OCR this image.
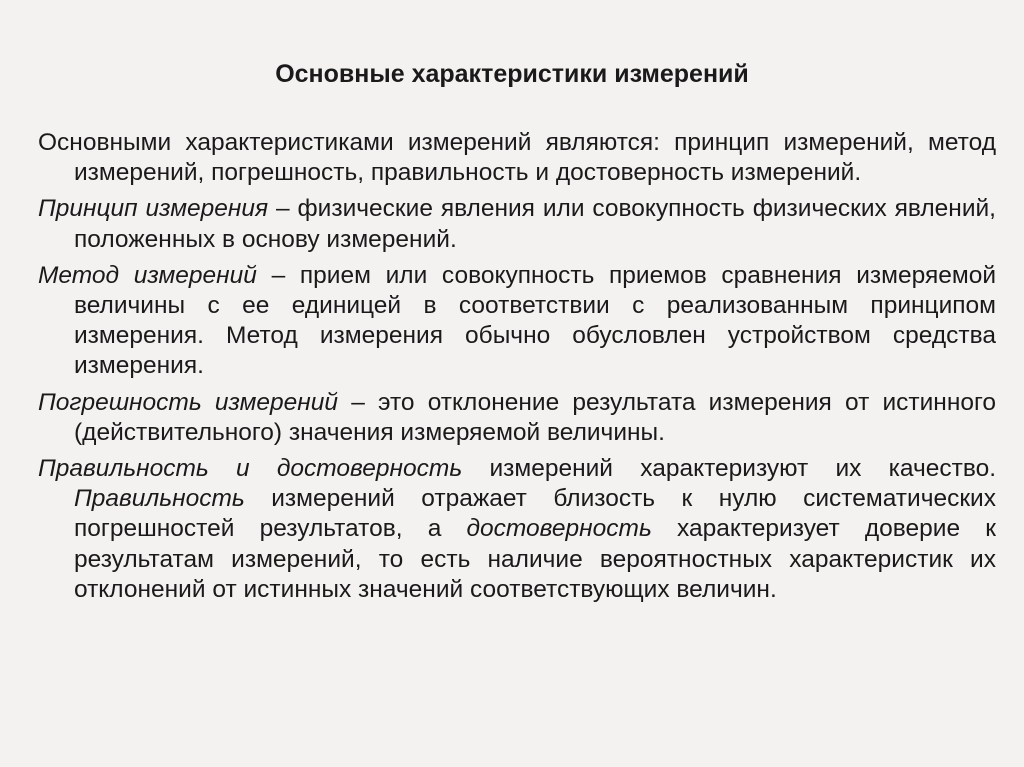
Основные характеристики измерений

Основными характеристиками измерений являются: принцип измерений, метод измерений, погрешность, правильность и достоверность измерений.

Принцип измерения – физические явления или совокупность физических явлений, положенных в основу измерений.

Метод измерений – прием или совокупность приемов сравнения измеряемой величины с ее единицей в соответствии с реализованным принципом измерения. Метод измерения обычно обусловлен устройством средства измерения.

Погрешность измерений – это отклонение результата измерения от истинного (действительного) значения измеряемой величины.

Правильность и достоверность измерений характеризуют их качество. Правильность измерений отражает близость к нулю систематических погрешностей результатов, а достоверность характеризует доверие к результатам измерений, то есть наличие вероятностных характеристик их отклонений от истинных значений соответствующих величин.
